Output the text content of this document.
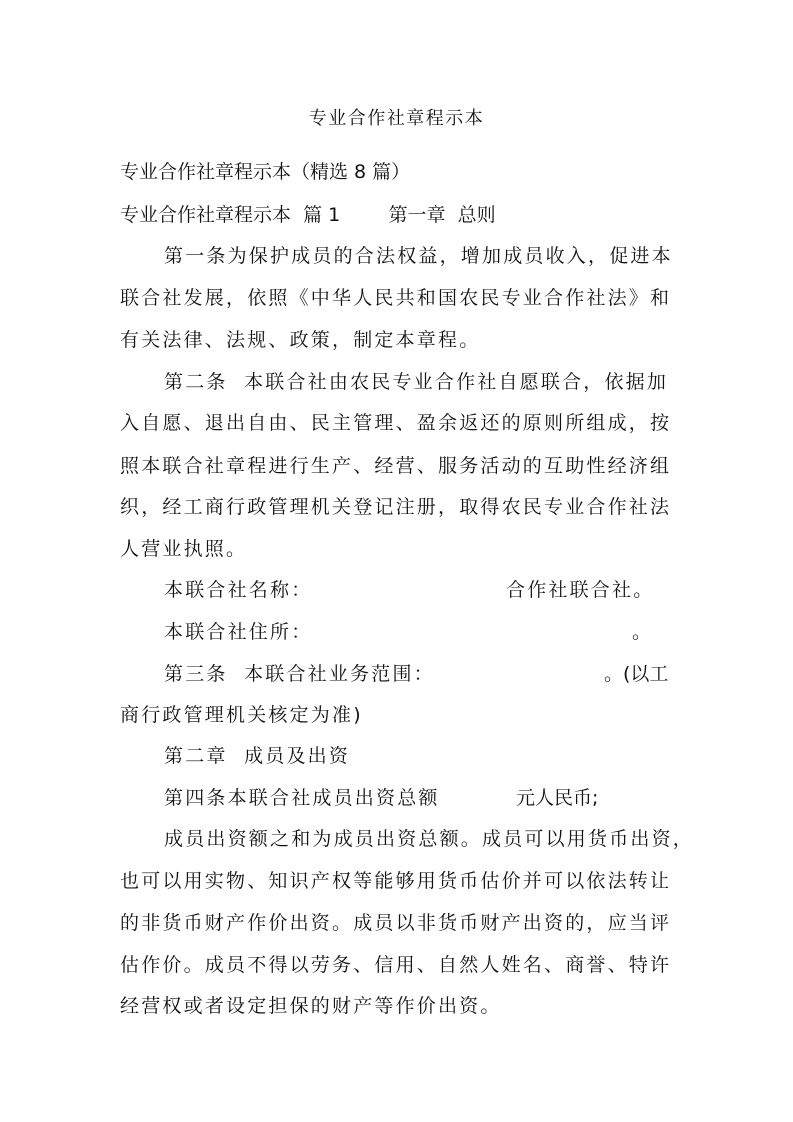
专业合作社章程示本
专业合作社章程示本（精选 8 篇）
专业合作社章程示本  篇 1        第一章  总则
第一条为保护成员的合法权益，增加成员收入，促进本
联合社发展，依照《中华人民共和国农民专业合作社法》和
有关法律、法规、政策，制定本章程。
第二条  本联合社由农民专业合作社自愿联合，依据加
入自愿、退出自由、民主管理、盈余返还的原则所组成，按
照本联合社章程进行生产、经营、服务活动的互助性经济组
织，经工商行政管理机关登记注册，取得农民专业合作社法
人营业执照。
本联合社名称：	合作社联合社。
本联合社住所：	。
第三条  本联合社业务范围：	。(以工
商行政管理机关核定为准)
第二章  成员及出资
第四条本联合社成员出资总额	元人民币;
成员出资额之和为成员出资总额。成员可以用货币出资，
也可以用实物、知识产权等能够用货币估价并可以依法转让
的非货币财产作价出资。成员以非货币财产出资的，应当评
估作价。成员不得以劳务、信用、自然人姓名、商誉、特许
经营权或者设定担保的财产等作价出资。
